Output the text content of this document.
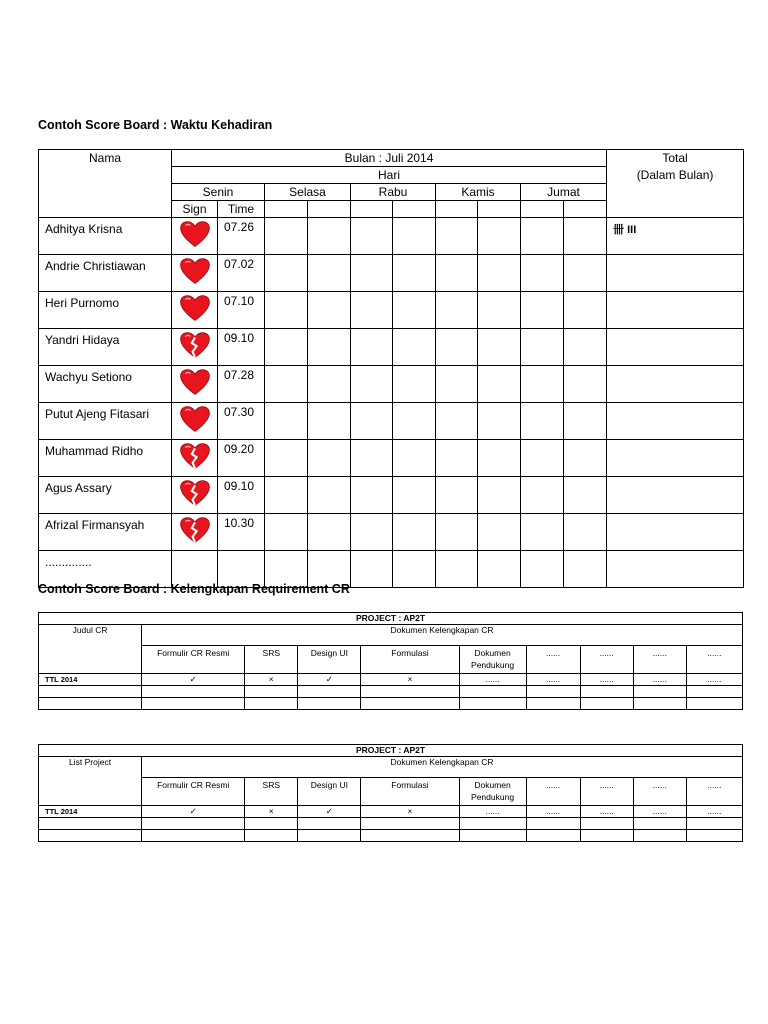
Contoh Score Board : Waktu Kehadiran
Nama	Bulan : Juli 2014										Total
(Dalam Bulan)

	Hari										
	Senin		Selasa		Rabu		Kamis		Jumat		
	Sign	Time									
Adhitya Krisna		07.26									卌 III
Andrie Christiawan		07.02									
Heri Purnomo		07.10									
Yandri Hidaya		09.10									
Wachyu Setiono		07.28									
Putut Ajeng Fitasari		07.30									
Muhammad Ridho		09.20									
Agus Assary		09.10									
Afrizal Firmansyah		10.30									
..............											
Contoh Score Board : Kelengkapan Requirement CR
PROJECT : AP2T									
Judul CR	Dokumen Kelengkapan CR								
	Formulir CR Resmi	SRS	Design UI	Formulasi	Dokumen Pendukung	......	......	......	......
TTL 2014	✓	×	✓	×	......	......	......	......	......

PROJECT : AP2T									
List Project	Dokumen Kelengkapan CR								
	Formulir CR Resmi	SRS	Design UI	Formulasi	Dokumen Pendukung	......	......	......	......
TTL 2014	✓	×	✓	×	......	......	......	......	......
